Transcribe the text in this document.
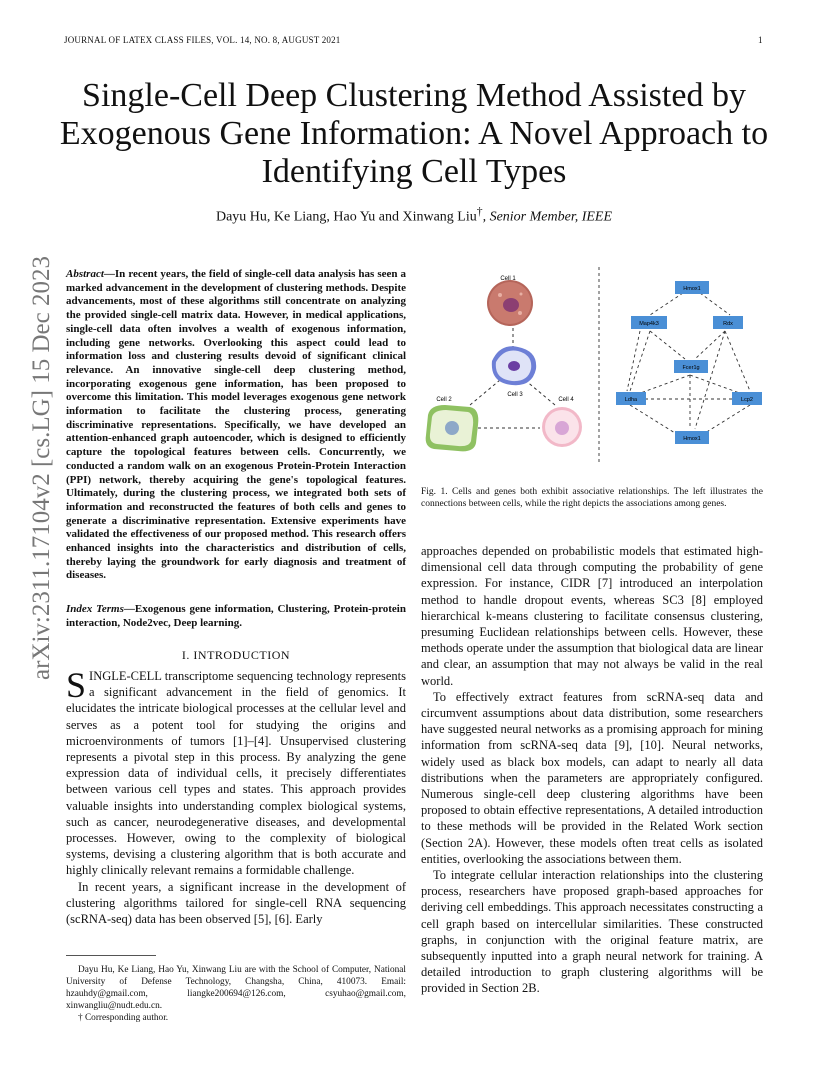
JOURNAL OF LATEX CLASS FILES, VOL. 14, NO. 8, AUGUST 2021	1
Single-Cell Deep Clustering Method Assisted by Exogenous Gene Information: A Novel Approach to Identifying Cell Types
Dayu Hu, Ke Liang, Hao Yu and Xinwang Liu†, Senior Member, IEEE
arXiv:2311.17104v2 [cs.LG] 15 Dec 2023 Abstract—In recent years, the field of single-cell data analysis has seen a marked advancement in the development of clustering methods. Despite advancements, most of these algorithms still concentrate on analyzing the provided single-cell matrix data. However, in medical applications, single-cell data often involves a wealth of exogenous information, including gene networks. Overlooking this aspect could lead to information loss and clustering results devoid of significant clinical relevance. An innovative single-cell deep clustering method, incorporating exogenous gene information, has been proposed to overcome this limitation. This model leverages exogenous gene network information to facilitate the clustering process, generating discriminative representations. Specifically, we have developed an attention-enhanced graph autoencoder, which is designed to efficiently capture the topological features between cells. Concurrently, we conducted a random walk on an exogenous Protein-Protein Interaction (PPI) network, thereby acquiring the gene's topological features. Ultimately, during the clustering process, we integrated both sets of information and reconstructed the features of both cells and genes to generate a discriminative representation. Extensive experiments have validated the effectiveness of our proposed method. This research offers enhanced insights into the characteristics and distribution of cells, thereby laying the groundwork for early diagnosis and treatment of diseases.
Index Terms—Exogenous gene information, Clustering, Protein-protein interaction, Node2vec, Deep learning.
I. INTRODUCTION

SINGLE-CELL transcriptome sequencing technology represents a significant advancement in the field of genomics. It elucidates the intricate biological processes at the cellular level and serves as a potent tool for studying the origins and microenvironments of tumors [1]–[4]. Unsupervised clustering represents a pivotal step in this process. By analyzing the gene expression data of individual cells, it precisely differentiates between various cell types and states. This approach provides valuable insights into understanding complex biological systems, such as cancer, neurodegenerative diseases, and developmental processes. However, owing to the complexity of biological systems, devising a clustering algorithm that is both accurate and highly clinically relevant remains a formidable challenge.

In recent years, a significant increase in the development of clustering algorithms tailored for single-cell RNA sequencing (scRNA-seq) data has been observed [5], [6]. Early

Dayu Hu, Ke Liang, Hao Yu, Xinwang Liu are with the School of Computer, National University of Defense Technology, Changsha, China, 410073. Email: hzauhdy@gmail.com, liangke200694@126.com, csyuhao@gmail.com, xinwangliu@nudt.edu.cn.
† Corresponding author.
Cell 1
Cell 3
Cell 2	Cell 4
Hmox1
Map4k3	Rdx
Fcer1g
Ldha	Lcp2
Hmox1
Fig. 1. Cells and genes both exhibit associative relationships. The left illustrates the connections between cells, while the right depicts the associations among genes.

approaches depended on probabilistic models that estimated high-dimensional cell data through computing the probability of gene expression. For instance, CIDR [7] introduced an interpolation method to handle dropout events, whereas SC3 [8] employed hierarchical k-means clustering to facilitate consensus clustering, presuming Euclidean relationships between cells. However, these methods operate under the assumption that biological data are linear and clear, an assumption that may not always be valid in the real world.

To effectively extract features from scRNA-seq data and circumvent assumptions about data distribution, some researchers have suggested neural networks as a promising approach for mining information from scRNA-seq data [9], [10]. Neural networks, widely used as black box models, can adapt to nearly all data distributions when the parameters are appropriately configured. Numerous single-cell deep clustering algorithms have been proposed to obtain effective representations, A detailed introduction to these methods will be provided in the Related Work section (Section 2A). However, these models often treat cells as isolated entities, overlooking the associations between them.

To integrate cellular interaction relationships into the clustering process, researchers have proposed graph-based approaches for deriving cell embeddings. This approach necessitates constructing a cell graph based on intercellular similarities. These constructed graphs, in conjunction with the original feature matrix, are subsequently inputted into a graph neural network for training. A detailed introduction to graph clustering algorithms will be provided in Section 2B.
